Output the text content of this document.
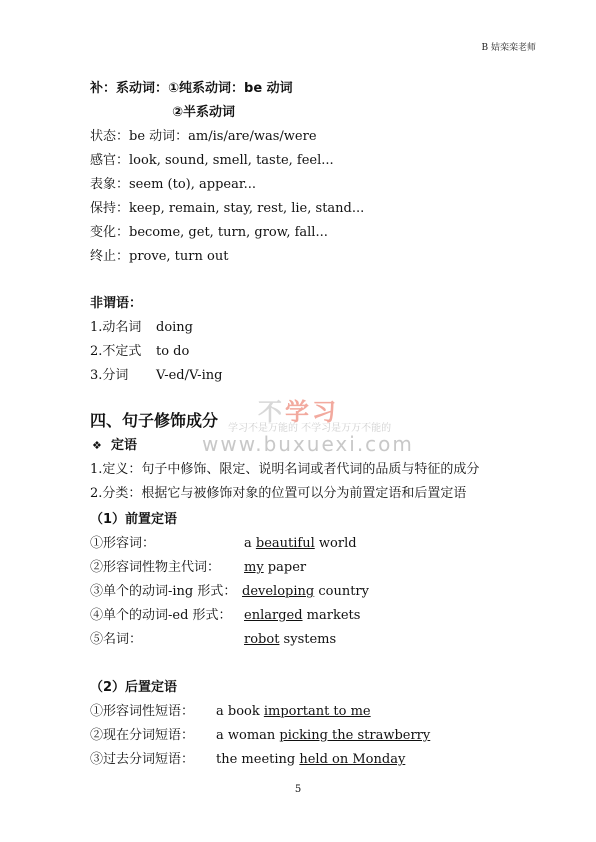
B 姞栾栾老师
补：系动词：①纯系动词：be 动词
②半系动词
状态：be 动词：am/is/are/was/were
感官：look, sound, smell, taste, feel...
表象：seem (to), appear...
保持：keep, remain, stay, rest, lie, stand...
变化：become, get, turn, grow, fall...
终止：prove, turn out
非谓语：
1.动名词 doing
2.不定式 to do
3.分词 V-ed/V-ing
不学习
学习不是万能的 不学习是万万不能的
www.buxuexi.com
四、句子修饰成分
❖ 定语
1.定义：句子中修饰、限定、说明名词或者代词的品质与特征的成分
2.分类：根据它与被修饰对象的位置可以分为前置定语和后置定语
（1）前置定语
①形容词：	a beautiful world
②形容词性物主代词： my paper
③单个的动词-ing 形式： developing country
④单个的动词-ed 形式： enlarged markets
⑤名词：	robot systems
（2）后置定语
①形容词性短语： a book important to me
②现在分词短语： a woman picking the strawberry
③过去分词短语： the meeting held on Monday
5
